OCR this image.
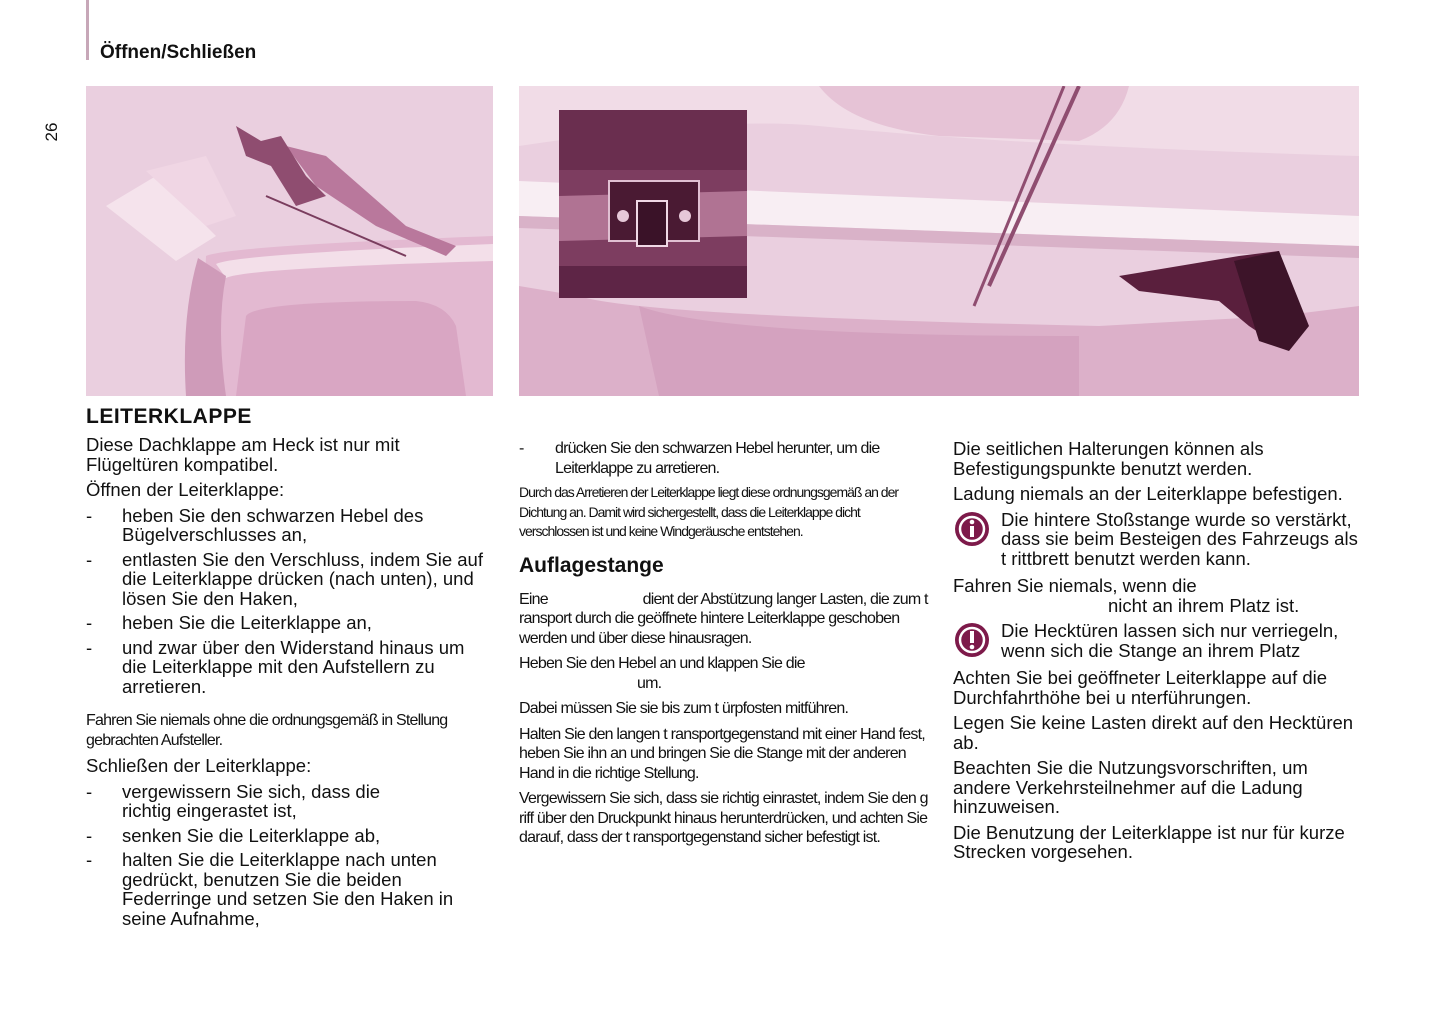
Öffnen/Schließen
26
LEITERKLAPPE
Diese Dachklappe am Heck ist nur mit Flügeltüren kompatibel.
Öffnen der Leiterklappe:
-	heben Sie den schwarzen Hebel des Bügelverschlusses an,
-	entlasten Sie den Verschluss, indem Sie auf die Leiterklappe drücken (nach unten), und lösen Sie den Haken,
-	heben Sie die Leiterklappe an,
-	und zwar über den Widerstand hinaus um die Leiterklappe mit den Aufstellern zu arretieren.
Fahren Sie niemals ohne die ordnungsgemäß in Stellung gebrachten Aufsteller.
Schließen der Leiterklappe:
-	vergewissern Sie sich, dass die                     richtig eingerastet ist,
-	senken Sie die Leiterklappe ab,
-	halten Sie die Leiterklappe nach unten gedrückt, benutzen Sie die beiden Federringe und setzen Sie den Haken in seine Aufnahme,
-	drücken Sie den schwarzen Hebel herunter, um die Leiterklappe zu arretieren.
Durch das Arretieren der Leiterklappe liegt diese ordnungsgemäß an der Dichtung an. Damit wird sichergestellt, dass die Leiterklappe dicht verschlossen ist und keine Windgeräusche entstehen.
Auflagestange
Eine                          dient der Abstützung langer Lasten, die zum t ransport durch die geöffnete hintere Leiterklappe geschoben werden und über diese hinausragen.
Heben Sie den Hebel an und klappen Sie die
um.
Dabei müssen Sie sie bis zum t ürpfosten mitführen.
Halten Sie den langen t ransportgegenstand mit einer Hand fest, heben Sie ihn an und bringen Sie die Stange mit der anderen Hand in die richtige Stellung.
Vergewissern Sie sich, dass sie richtig einrastet, indem Sie den g riff über den Druckpunkt hinaus herunterdrücken, und achten Sie darauf, dass der t ransportgegenstand sicher befestigt ist.
Die seitlichen Halterungen können als Befestigungspunkte benutzt werden.
Ladung niemals an der Leiterklappe befestigen.
Die hintere Stoßstange wurde so verstärkt, dass sie beim Besteigen des Fahrzeugs als t rittbrett benutzt werden kann.
Fahren Sie niemals, wenn die
nicht an ihrem Platz ist.
Die Hecktüren lassen sich nur verriegeln, wenn sich die Stange an ihrem Platz
Achten Sie bei geöffneter Leiterklappe auf die Durchfahrthöhe bei u nterführungen.
Legen Sie keine Lasten direkt auf den Hecktüren ab.
Beachten Sie die Nutzungsvorschriften, um andere Verkehrsteilnehmer auf die Ladung hinzuweisen.
Die Benutzung der Leiterklappe ist nur für kurze Strecken vorgesehen.
